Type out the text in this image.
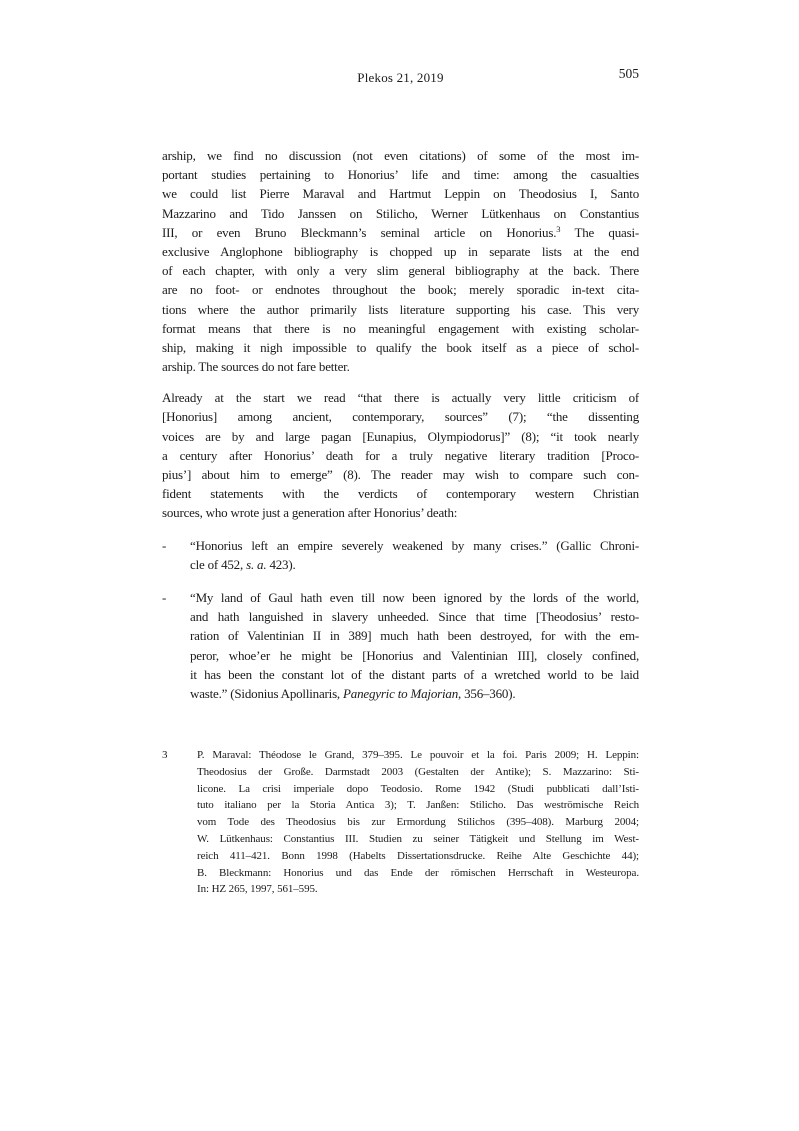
Plekos 21, 2019	505
arship, we find no discussion (not even citations) of some of the most im-
portant studies pertaining to Honorius’ life and time: among the casualties
we could list Pierre Maraval and Hartmut Leppin on Theodosius I, Santo
Mazzarino and Tido Janssen on Stilicho, Werner Lütkenhaus on Constantius
III, or even Bruno Bleckmann’s seminal article on Honorius.$^3$ The quasi-
exclusive Anglophone bibliography is chopped up in separate lists at the end
of each chapter, with only a very slim general bibliography at the back. There
are no foot- or endnotes throughout the book; merely sporadic in-text cita-
tions where the author primarily lists literature supporting his case. This very
format means that there is no meaningful engagement with existing scholar-
ship, making it nigh impossible to qualify the book itself as a piece of schol-
arship. The sources do not fare better.
Already at the start we read “that there is actually very little criticism of
[Honorius] among ancient, contemporary, sources” (7); “the dissenting
voices are by and large pagan [Eunapius, Olympiodorus]” (8); “it took nearly
a century after Honorius’ death for a truly negative literary tradition [Proco-
pius’] about him to emerge” (8). The reader may wish to compare such con-
fident statements with the verdicts of contemporary western Christian
sources, who wrote just a generation after Honorius’ death:
-	“Honorius left an empire severely weakened by many crises.” (Gallic Chroni-
cle of 452, s. a. 423).
-	“My land of Gaul hath even till now been ignored by the lords of the world,
and hath languished in slavery unheeded. Since that time [Theodosius’ resto-
ration of Valentinian II in 389] much hath been destroyed, for with the em-
peror, whoe’er he might be [Honorius and Valentinian III], closely confined,
it has been the constant lot of the distant parts of a wretched world to be laid
waste.” (Sidonius Apollinaris, Panegyric to Majorian, 356–360).
3	P. Maraval: Théodose le Grand, 379–395. Le pouvoir et la foi. Paris 2009; H. Leppin:
Theodosius der Große. Darmstadt 2003 (Gestalten der Antike); S. Mazzarino: Sti-
licone. La crisi imperiale dopo Teodosio. Rome 1942 (Studi pubblicati dall’Isti-
tuto italiano per la Storia Antica 3); T. Janßen: Stilicho. Das weströmische Reich
vom Tode des Theodosius bis zur Ermordung Stilichos (395–408). Marburg 2004;
W. Lütkenhaus: Constantius III. Studien zu seiner Tätigkeit und Stellung im West-
reich 411–421. Bonn 1998 (Habelts Dissertationsdrucke. Reihe Alte Geschichte 44);
B. Bleckmann: Honorius und das Ende der römischen Herrschaft in Westeuropa.
In: HZ 265, 1997, 561–595.
